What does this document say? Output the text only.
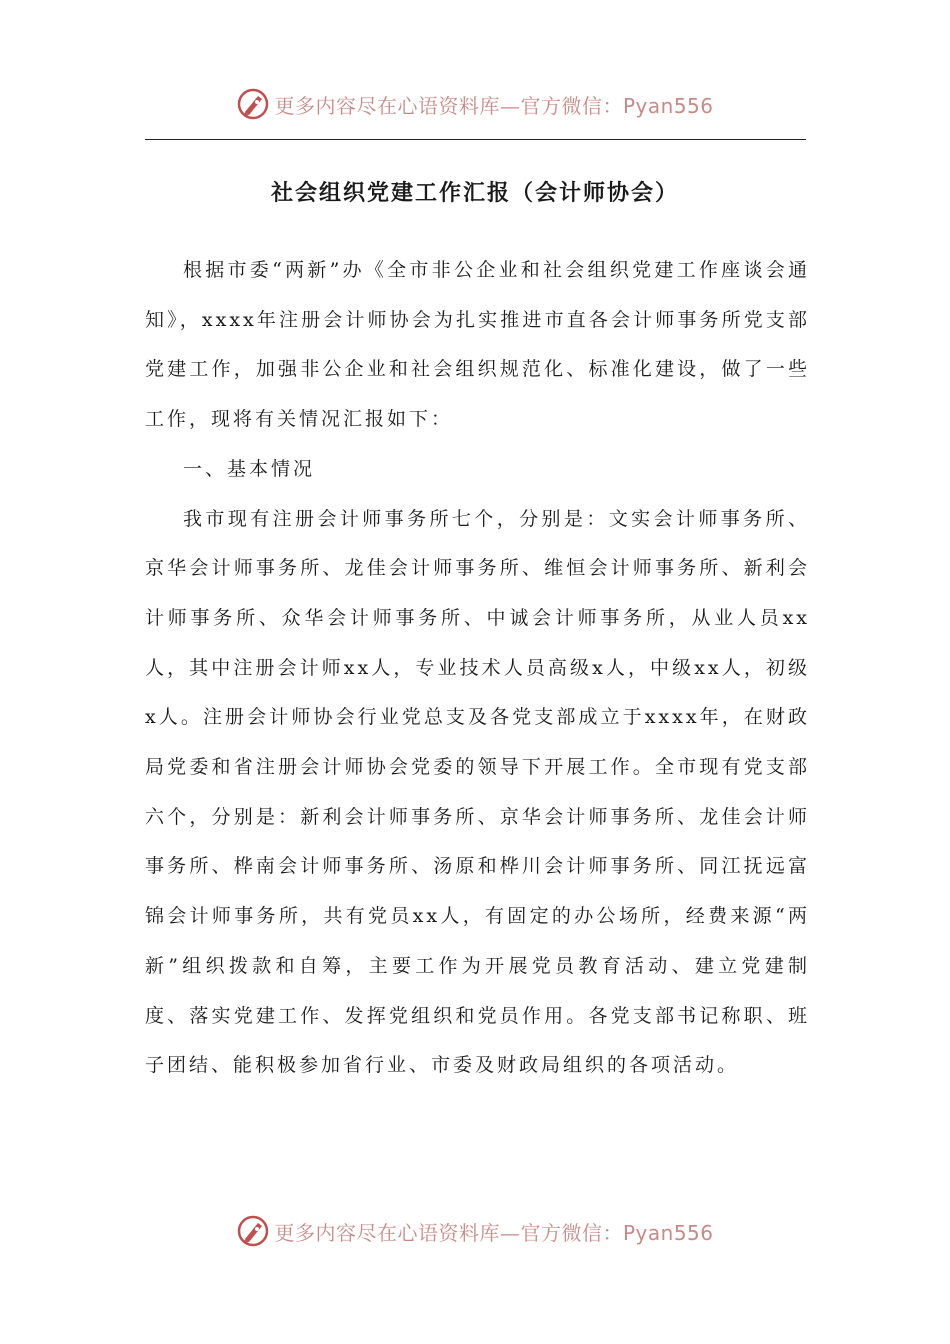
更多内容尽在心语资料库—官方微信：Pyan556
社会组织党建工作汇报（会计师协会）

根据市委“两新”办《全市非公企业和社会组织党建工作座谈会通知》，xxxx年注册会计师协会为扎实推进市直各会计师事务所党支部党建工作，加强非公企业和社会组织规范化、标准化建设，做了一些工作，现将有关情况汇报如下：

一、基本情况

我市现有注册会计师事务所七个，分别是：文实会计师事务所、京华会计师事务所、龙佳会计师事务所、维恒会计师事务所、新利会计师事务所、众华会计师事务所、中诚会计师事务所，从业人员xx人，其中注册会计师xx人，专业技术人员高级x人，中级xx人，初级x人。注册会计师协会行业党总支及各党支部成立于xxxx年，在财政局党委和省注册会计师协会党委的领导下开展工作。全市现有党支部六个，分别是：新利会计师事务所、京华会计师事务所、龙佳会计师事务所、桦南会计师事务所、汤原和桦川会计师事务所、同江抚远富锦会计师事务所，共有党员xx人，有固定的办公场所，经费来源“两新”组织拨款和自筹，主要工作为开展党员教育活动、建立党建制度、落实党建工作、发挥党组织和党员作用。各党支部书记称职、班子团结、能积极参加省行业、市委及财政局组织的各项活动。

更多内容尽在心语资料库—官方微信：Pyan556
